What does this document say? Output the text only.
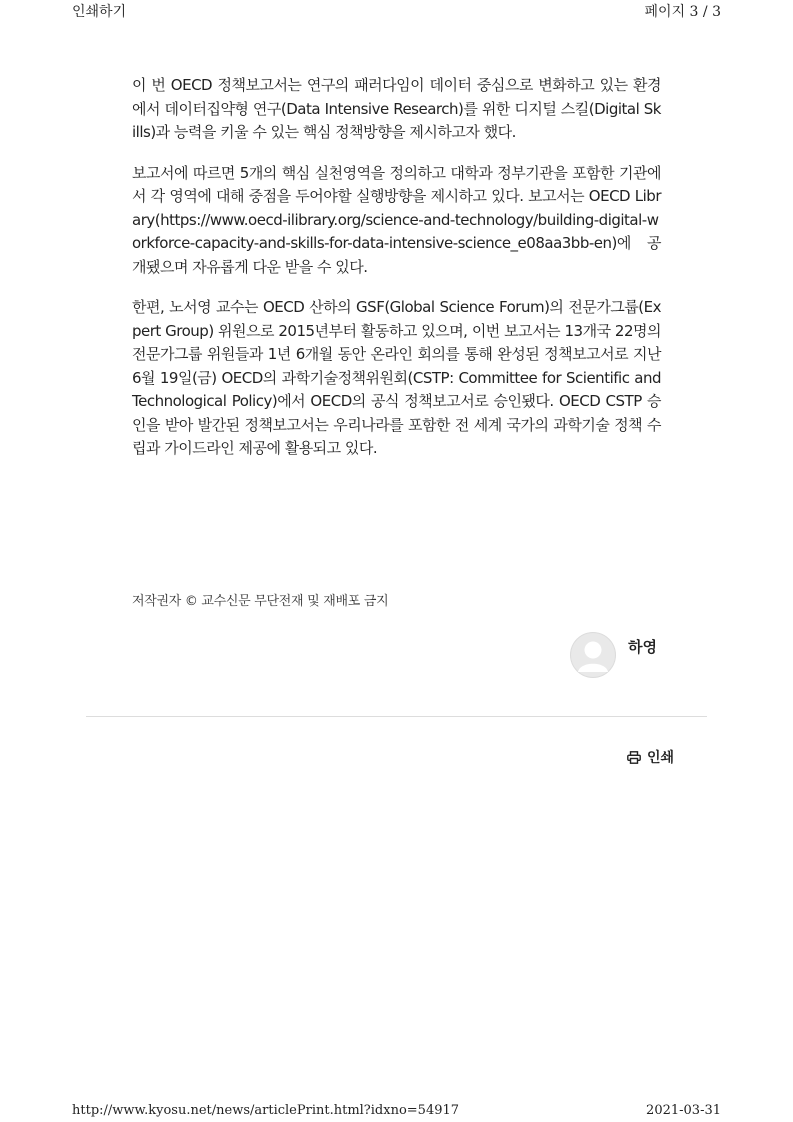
인쇄하기	페이지 3 / 3

이 번 OECD 정책보고서는 연구의 패러다임이 데이터 중심으로 변화하고 있는 환경에서 데이터집약형 연구(Data Intensive Research)를 위한 디지털 스킬(Digital Skills)과 능력을 키울 수 있는 핵심 정책방향을 제시하고자 했다.

보고서에 따르면 5개의 핵심 실천영역을 정의하고 대학과 정부기관을 포함한 기관에서 각 영역에 대해 중점을 두어야할 실행방향을 제시하고 있다. 보고서는 OECD Library(https://www.oecd-ilibrary.org/science-and-technology/building-digital-workforce-capacity-and-skills-for-data-intensive-science_e08aa3bb-en)에 공개됐으며 자유롭게 다운 받을 수 있다.

한편, 노서영 교수는 OECD 산하의 GSF(Global Science Forum)의 전문가그룹(Expert Group) 위원으로 2015년부터 활동하고 있으며, 이번 보고서는 13개국 22명의 전문가그룹 위원들과 1년 6개월 동안 온라인 회의를 통해 완성된 정책보고서로 지난 6월 19일(금) OECD의 과학기술정책위원회(CSTP: Committee for Scientific and Technological Policy)에서 OECD의 공식 정책보고서로 승인됐다. OECD CSTP 승인을 받아 발간된 정책보고서는 우리나라를 포함한 전 세계 국가의 과학기술 정책 수립과 가이드라인 제공에 활용되고 있다.

저작권자 © 교수신문 무단전재 및 재배포 금지
하영
인쇄
http://www.kyosu.net/news/articlePrint.html?idxno=54917	2021-03-31
